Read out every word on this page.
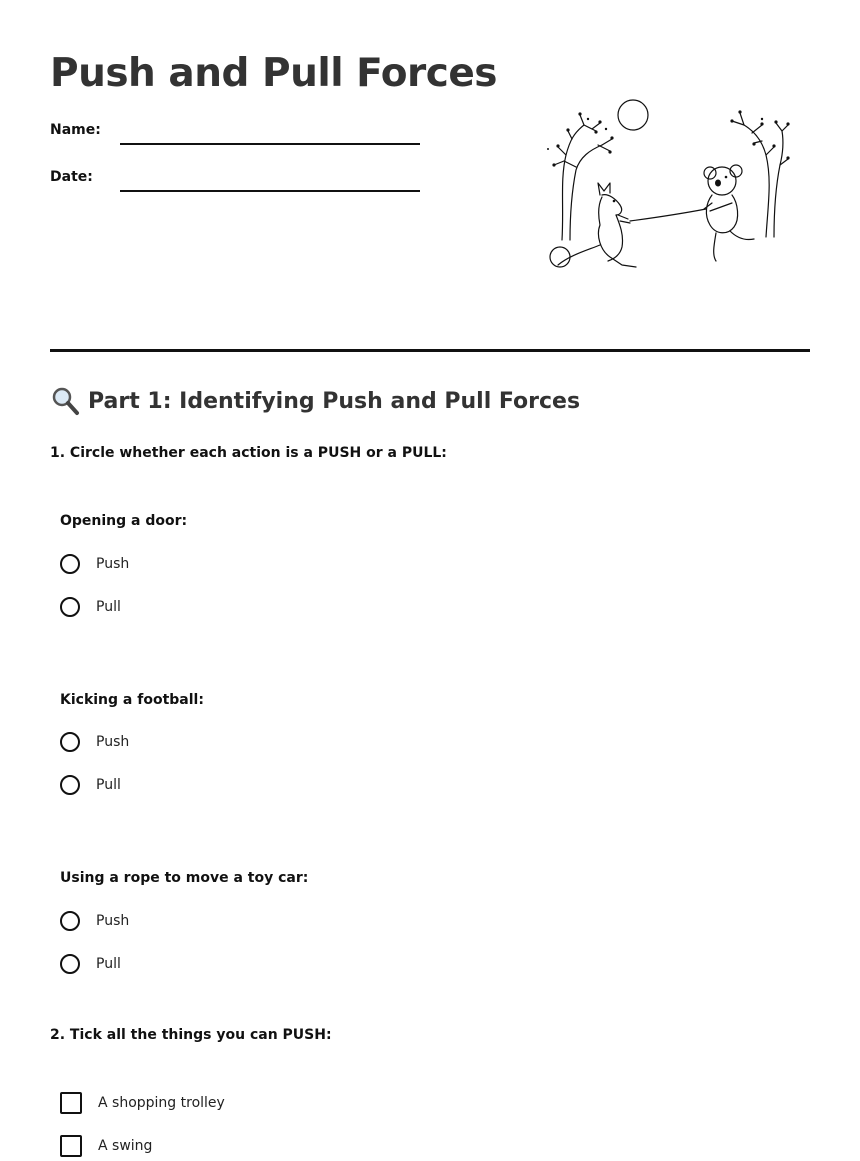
Push and Pull Forces
Name:
Date:
Part 1: Identifying Push and Pull Forces

1. Circle whether each action is a PUSH or a PULL:

Opening a door:
Push
Pull
Kicking a football:
Push
Pull
Using a rope to move a toy car:
Push
Pull

2. Tick all the things you can PUSH:

A shopping trolley
A swing
